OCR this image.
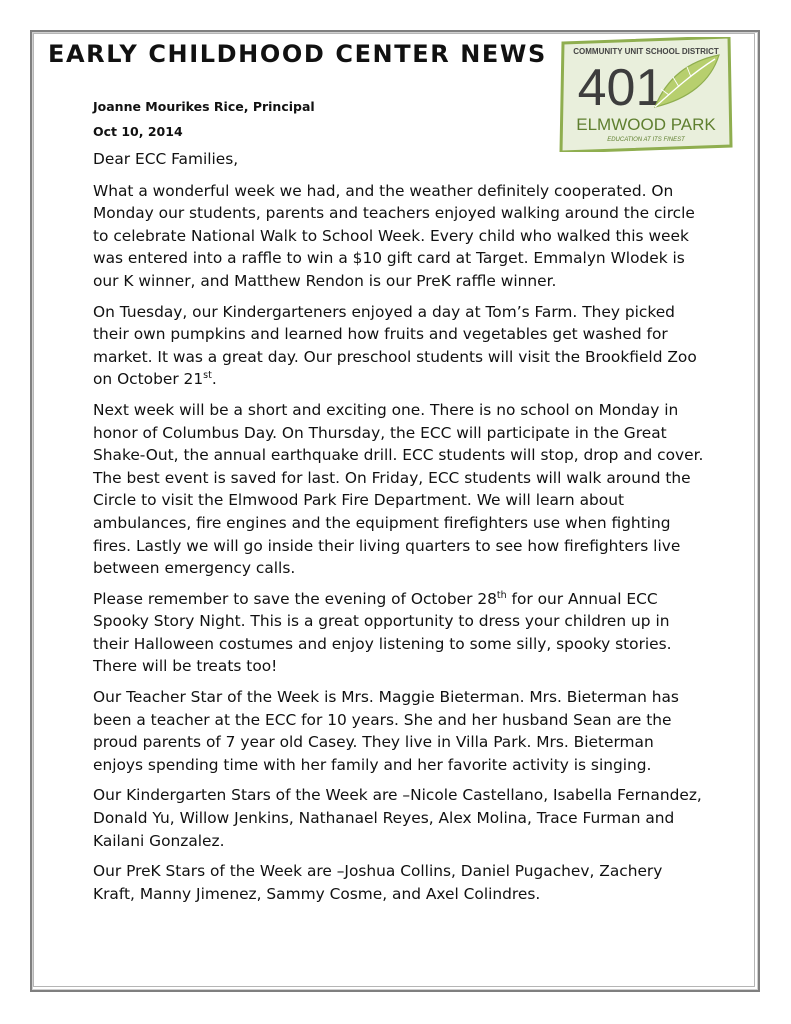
EARLY CHILDHOOD CENTER NEWS
Joanne Mourikes Rice, Principal
Oct 10, 2014
COMMUNITY UNIT SCHOOL DISTRICT
401
ELMWOOD PARK
EDUCATION AT ITS FINEST

Dear ECC Families,

What a wonderful week we had, and the weather definitely cooperated. On Monday our students, parents and teachers enjoyed walking around the circle to celebrate National Walk to School Week. Every child who walked this week was entered into a raffle to win a $10 gift card at Target. Emmalyn Wlodek is our K winner, and Matthew Rendon is our PreK raffle winner.

On Tuesday, our Kindergarteners enjoyed a day at Tom’s Farm. They picked their own pumpkins and learned how fruits and vegetables get washed for market. It was a great day. Our preschool students will visit the Brookfield Zoo on October 21st.

Next week will be a short and exciting one. There is no school on Monday in honor of Columbus Day. On Thursday, the ECC will participate in the Great Shake-Out, the annual earthquake drill. ECC students will stop, drop and cover. The best event is saved for last. On Friday, ECC students will walk around the Circle to visit the Elmwood Park Fire Department. We will learn about ambulances, fire engines and the equipment firefighters use when fighting fires. Lastly we will go inside their living quarters to see how firefighters live between emergency calls.

Please remember to save the evening of October 28th for our Annual ECC Spooky Story Night. This is a great opportunity to dress your children up in their Halloween costumes and enjoy listening to some silly, spooky stories. There will be treats too!

Our Teacher Star of the Week is Mrs. Maggie Bieterman. Mrs. Bieterman has been a teacher at the ECC for 10 years. She and her husband Sean are the proud parents of 7 year old Casey. They live in Villa Park. Mrs. Bieterman enjoys spending time with her family and her favorite activity is singing.

Our Kindergarten Stars of the Week are –Nicole Castellano, Isabella Fernandez, Donald Yu, Willow Jenkins, Nathanael Reyes, Alex Molina, Trace Furman and Kailani Gonzalez.

Our PreK Stars of the Week are –Joshua Collins, Daniel Pugachev, Zachery Kraft, Manny Jimenez, Sammy Cosme, and Axel Colindres.
